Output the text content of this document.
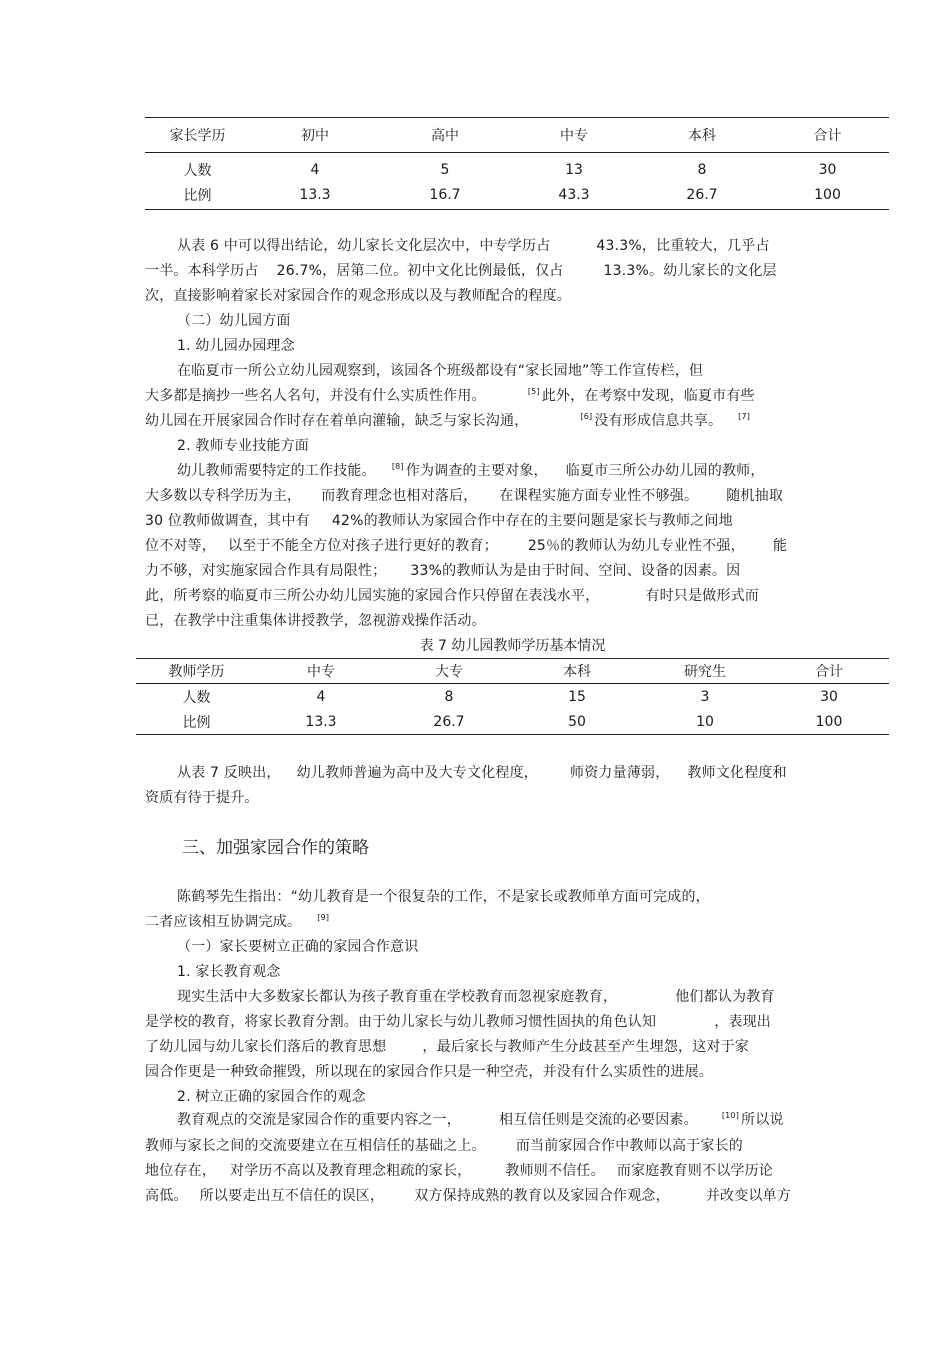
家长学历	初中	高中	中专	本科	合计
人数	4	5	13	8	30
比例	13.3	16.7	43.3	26.7	100
从表 6 中可以得出结论，幼儿家长文化层次中，中专学历占	43.3%，比重较大，几乎占
一半。本科学历占 26.7%，居第二位。初中文化比例最低，仅占	13.3%。幼儿家长的文化层
次，直接影响着家长对家园合作的观念形成以及与教师配合的程度。
（二）幼儿园方面
1. 幼儿园办园理念
在临夏市一所公立幼儿园观察到，该园各个班级都设有“家长园地”等工作宣传栏，但
大多都是摘抄一些名人名句，并没有什么实质性作用。	[5] 此外，在考察中发现，临夏市有些
幼儿园在开展家园合作时存在着单向灌输，缺乏与家长沟通，	[6] 没有形成信息共享。 [7]
2. 教师专业技能方面
幼儿教师需要特定的工作技能。 [8] 作为调查的主要对象， 临夏市三所公办幼儿园的教师，
大多数以专科学历为主， 而教育理念也相对落后， 在课程实施方面专业性不够强。 随机抽取
30 位教师做调查，其中有 42%的教师认为家园合作中存在的主要问题是家长与教师之间地
位不对等， 以至于不能全方位对孩子进行更好的教育； 25％的教师认为幼儿专业性不强， 能
力不够，对实施家园合作具有局限性； 33%的教师认为是由于时间、空间、设备的因素。因
此，所考察的临夏市三所公办幼儿园实施的家园合作只停留在表浅水平，	有时只是做形式而
已，在教学中注重集体讲授教学，忽视游戏操作活动。
表 7 幼儿园教师学历基本情况
教师学历	中专	大专	本科	研究生	合计
人数	4	8	15	3	30
比例	13.3	26.7	50	10	100
从表 7 反映出， 幼儿教师普遍为高中及大专文化程度， 师资力量薄弱， 教师文化程度和
资质有待于提升。
三、加强家园合作的策略
陈鹤琴先生指出：“幼儿教育是一个很复杂的工作，不是家长或教师单方面可完成的，
二者应该相互协调完成。 [9]
（一）家长要树立正确的家园合作意识
1. 家长教育观念
现实生活中大多数家长都认为孩子教育重在学校教育而忽视家庭教育，	他们都认为教育
是学校的教育，将家长教育分割。由于幼儿家长与幼儿教师习惯性固执的角色认知	，表现出
了幼儿园与幼儿家长们落后的教育思想	，最后家长与教师产生分歧甚至产生埋怨，这对于家
园合作更是一种致命摧毁，所以现在的家园合作只是一种空壳，并没有什么实质性的进展。
2. 树立正确的家园合作的观念
教育观点的交流是家园合作的重要内容之一，	相互信任则是交流的必要因素。	[10] 所以说
教师与家长之间的交流要建立在互相信任的基础之上。 而当前家园合作中教师以高于家长的
地位存在， 对学历不高以及教育理念粗疏的家长， 教师则不信任。 而家庭教育则不以学历论
高低。 所以要走出互不信任的误区， 双方保持成熟的教育以及家园合作观念，	并改变以单方
